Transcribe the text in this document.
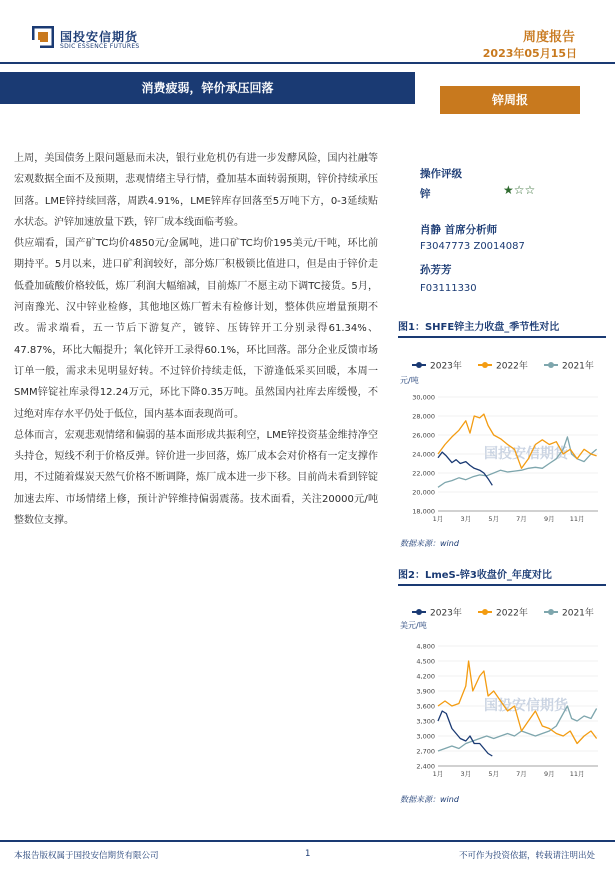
国投安信期货
SDIC ESSENCE FUTURES
周度报告
2023年05月15日
消费疲弱，锌价承压回落
锌周报

上周，美国债务上限问题悬而未决，银行业危机仍有进一步发酵风险，国内社融等宏观数据全面不及预期，悲观情绪主导行情，叠加基本面转弱预期，锌价持续承压回落。LME锌持续回落，周跌4.91%，LME锌库存回落至5万吨下方，0-3延续贴水状态。沪锌加速放量下跌，锌厂成本线面临考验。

供应端看，国产矿TC均价4850元/金属吨，进口矿TC均价195美元/干吨，环比前期持平。5月以来，进口矿利润较好，部分炼厂积极锁比值进口，但是由于锌价走低叠加硫酸价格较低，炼厂利润大幅缩减，目前炼厂不愿主动下调TC接货。5月，河南豫光、汉中锌业检修，其他地区炼厂暂未有检修计划，整体供应增量预期不改。需求端看，五一节后下游复产，镀锌、压铸锌开工分别录得61.34%、47.87%，环比大幅提升；氧化锌开工录得60.1%，环比回落。部分企业反馈市场订单一般，需求未见明显好转。不过锌价持续走低，下游逢低采买回暖，本周一SMM锌锭社库录得12.24万元，环比下降0.35万吨。虽然国内社库去库缓慢，不过绝对库存水平仍处于低位，国内基本面表现尚可。

总体而言，宏观悲观情绪和偏弱的基本面形成共振利空，LME锌投资基金维持净空头持仓，短线不利于价格反弹。锌价进一步回落，炼厂成本会对价格有一定支撑作用，不过随着煤炭天然气价格不断调降，炼厂成本进一步下移。目前尚未看到锌锭加速去库、市场情绪上修，预计沪锌维持偏弱震荡。技术面看，关注20000元/吨整数位支撑。

操作评级
锌	★☆☆
肖静 首席分析师
F3047773 Z0014087
孙芳芳
F03111330
图1：SHFE锌主力收盘_季节性对比
2023年	2022年	2021年
元/吨
国投安信期货
30,000
28,000
26,000
24,000
22,000
20,000
18,000
1月	3月	5月	7月	9月 11月
数据来源：wind
图2：LmeS-锌3收盘价_年度对比
2023年	2022年	2021年
美元/吨
国投安信期货
4,800
4,500
4,200
3,900
3,600
3,300
3,000
2,700
2,400
1月	3月	5月	7月	9月 11月
数据来源：wind
本报告版权属于国投安信期货有限公司	1	不可作为投资依据，转载请注明出处
